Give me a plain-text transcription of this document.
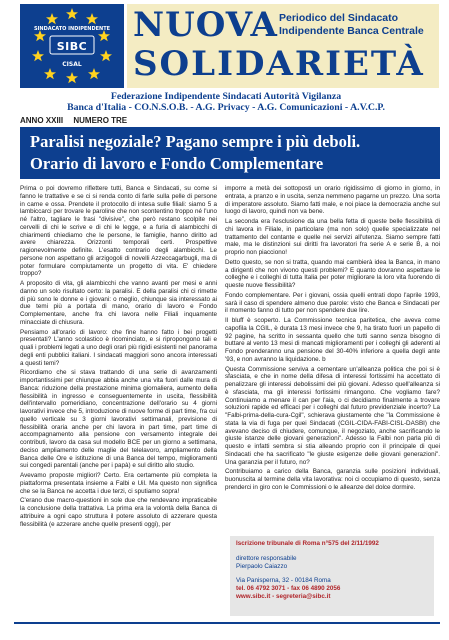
SINDACATO INDIPENDENTE
SIBC
CISAL
NUOVA Periodico del Sindacato
Indipendente Banca Centrale
SOLIDARIETÀ
Federazione Indipendente Sindacati Autorità Vigilanza
Banca d'Italia - CO.N.S.O.B. - A.G. Privacy - A.G. Comunicazioni - A.V.C.P.
ANNO XXIII NUMERO TRE
Paralisi negoziale? Pagano sempre i più deboli.
Orario di lavoro e Fondo Complementare

Prima o poi dovremo riflettere tutti, Banca e Sindacati, su come si fanno le trattative e se ci si renda conto di farle sulla pelle di persone in carne e ossa. Prendete il protocollo di intesa sulle filiali: siamo 5 a lambiccarci per trovare le paroline che non scontentino troppo né l'uno né l'altro, tagliare le frasi "divisive", che però restano scolpite nei cervelli di chi le scrive e di chi le legge, e a furia di alambicchi di chiarimenti chiediamo che le persone, le famiglie, hanno diritto ad avere chiarezza. Orizzonti temporali certi. Prospettive ragionevolmente definite. L'esatto contrario degli alambicchi. Le persone non aspettano gli arzigogoli di novelli Azzeccagarbugli, ma di poter formulare compiutamente un progetto di vita. E' chiedere troppo?

A proposito di vita, gli alambicchi che vanno avanti per mesi e anni danno un solo risultato certo: la paralisi. E della paralisi chi ci rimette di più sono le donne e i giovani: o meglio, chiunque sia interessato ai due temi più a portata di mano, orario di lavoro e Fondo Complementare, anche fra chi lavora nelle Filiali inquamente minacciate di chiusura.

Pensiamo all'orario di lavoro: che fine hanno fatto i bei progetti presentati? L'anno scolastico è ricominciato, e si ripropongono tali e quali i problemi legati a uno degli orari più rigidi esistenti nel panorama degli enti pubblici italiani. I sindacati maggiori sono ancora interessati a questi temi?

Ricordiamo che si stava trattando di una serie di avanzamenti importantissimi per chiunque abbia anche una vita fuori dalle mura di Banca: riduzione della prestazione minima giornaliera, aumento della flessibilità in ingresso e conseguentemente in uscita, flessibilità dell'intervallo pomeridiano, concentrazione dell'orario su 4 giorni lavorativi invece che 5, introduzione di nuove forme di part time, fra cui quello verticale su 3 giorni lavorativi settimanali, previsione di flessibilità oraria anche per chi lavora in part time, part time di accompagnamento alla pensione con versamento integrale dei contributi, lavoro da casa sul modello BCE per un giorno a settimana, deciso ampliamento delle maglie del telelavoro, ampliamento della Banca delle Ore e istituzione di una Banca del tempo, miglioramenti sui congedi parentali (anche per i papà) e sul diritto allo studio.

Avevamo proposte migliori? Certo. Era certamente più completa la piattaforma presentata insieme a Falbi e Uil. Ma questo non significa che se la Banca ne accetta i due terzi, ci sputiamo sopra!

C'erano due macro-questioni in sole due che rendevano impraticabile la conclusione della trattativa. La prima era la volontà della Banca di attribuire a ogni capo struttura il potere assoluto di azzerare questa flessibilità (e azzerare anche quelle presenti oggi), per

imporre a metà dei sottoposti un orario rigidissimo di giorno in giorno, in entrata, a pranzo e in uscita, senza nemmeno pagarne un prezzo. Una sorta di imperatore assoluto. Siamo fatti male, e noi piace la democrazia anche sul luogo di lavoro, quindi non va bene.

La seconda era l'esclusione da una bella fetta di queste belle flessibilità di chi lavora in Filiale, in particolare (ma non solo) quelle specializzate nel trattamento del contante e quelle nei servizi all'utenza. Siamo sempre fatti male, ma le distinzioni sui diritti fra lavoratori fra serie A e serie B, a noi proprio non piacciono!

Detto questo, se non si tratta, quando mai cambierà idea la Banca, in mano a dirigenti che non vivono questi problemi? E quanto dovranno aspettare le colleghe e i colleghi di tutta Italia per poter migliorare la loro vita fuorendo di queste nuove flessibilità?

Fondo complementare. Per i giovani, ossia quelli entrati dopo l'aprile 1993, sarà il caso di spendere almeno due parole: visto che Banca e Sindacati per il momento fanno di tutto per non spendere due lire.

Il bluff è scoperto. La Commissione tecnica paritetica, che aveva come capofila la CGIL, è durata 13 mesi invece che 9, ha tirato fuori un papello di 92 pagine, ha scritto in sessanta quello che tutti sanno senza bisogno di buttare al vento 13 mesi di mancati miglioramenti per i colleghi gli aderenti al Fondo prenderanno una pensione del 30-40% inferiore a quella degli ante '93, e non avranno la liquidazione. b

Questa Commissione serviva a cementare un'alleanza politica che poi si è sfasciata, e che in nome della difesa di interessi fortissimi ha accettato di penalizzare gli interessi debolissimi dei più giovani. Adesso quell'alleanza si è sfasciata, ma gli interessi fortissimi rimangono. Che vogliamo fare? Continuiamo a menare il can per l'aia, o ci decidiamo finalmente a trovare soluzioni rapide ed efficaci per i colleghi dal futuro previdenziale incerto? La "Falbi-prima-della-cura-Cgil", schierava giustamente che "la Commissione è stata la via di fuga per quei Sindacati (CGIL-CIDA-FABI-CISL-DASBI) che avevano deciso di chiudere, comunque, il negoziato, anche sacrificando le giuste istanze delle giovani generazioni". Adesso la Falbi non parla più di questo e infatti sembra si stia alleando proprio con il principale di quei Sindacati che ha sacrificato "le giuste esigenze delle giovani generazioni". Una garanzia per il futuro, no?

Contribuiamo a carico della Banca, garanzia sulle posizioni individuali, buonuscita al termine della vita lavorativa: noi ci occupiamo di questo, senza prenderci in giro con le Commissioni o le alleanze del dolce dormire.

Iscrizione tribunale di Roma n°575 del 2/11/1992
direttore responsabile
Pierpaolo Caiazzo
Via Panisperna, 32 - 00184 Roma
tel. 06 4792 3071 - fax 06 4890 2056
www.sibc.it - segreteria@sibc.it
